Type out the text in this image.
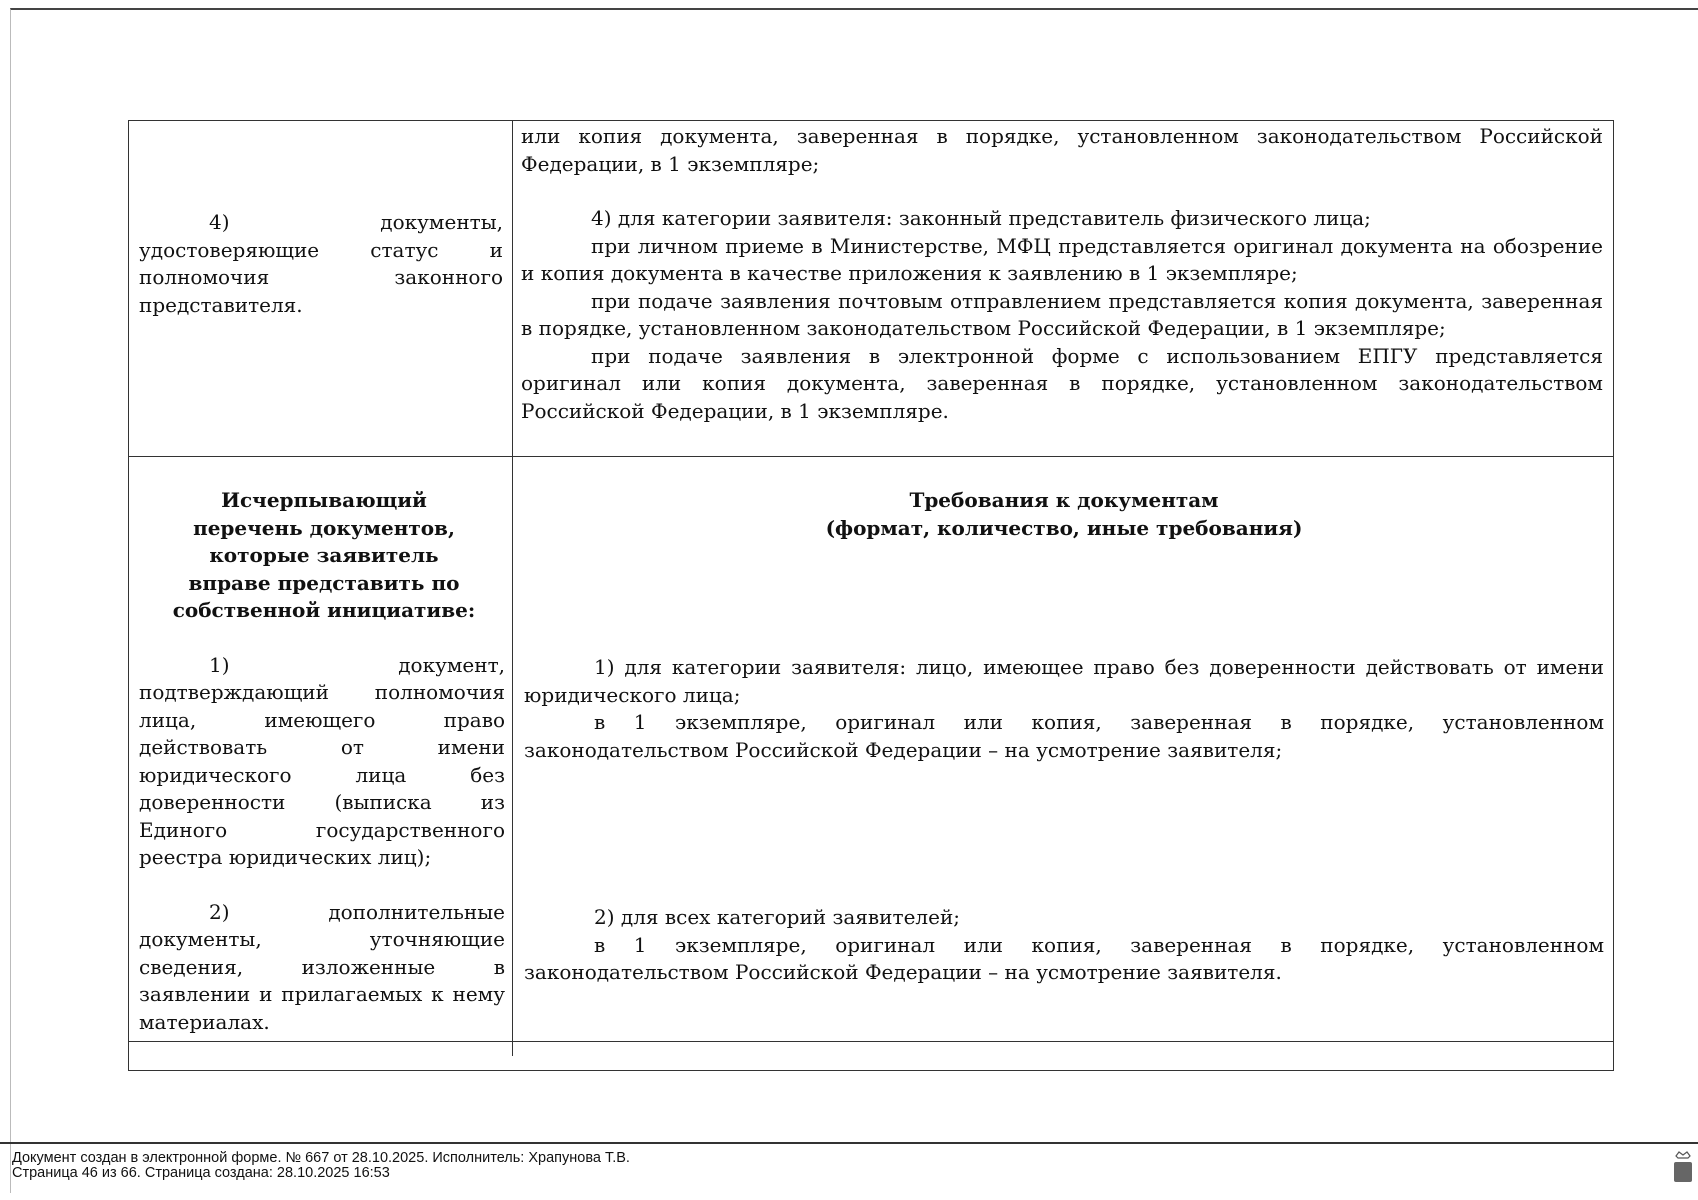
4) документы, удостоверяющие статус и полномочия законного представителя.

или копия документа, заверенная в порядке, установленном законодательством Российской Федерации, в 1 экземпляре;

4) для категории заявителя: законный представитель физического лица;

при личном приеме в Министерстве, МФЦ представляется оригинал документа на обозрение и копия документа в качестве приложения к заявлению в 1 экземпляре;

при подаче заявления почтовым отправлением представляется копия документа, заверенная в порядке, установленном законодательством Российской Федерации, в 1 экземпляре;

при подаче заявления в электронной форме с использованием ЕПГУ представляется оригинал или копия документа, заверенная в порядке, установленном законодательством Российской Федерации, в 1 экземпляре.

Исчерпывающий перечень документов, которые заявитель вправе представить по собственной инициативе:

1) документ, подтверждающий полномочия лица, имеющего право действовать от имени юридического лица без доверенности (выписка из Единого государственного реестра юридических лиц);

2) дополнительные документы, уточняющие сведения, изложенные в заявлении и прилагаемых к нему материалах.

Требования к документам

(формат, количество, иные требования)

1) для категории заявителя: лицо, имеющее право без доверенности действовать от имени юридического лица;

в 1 экземпляре, оригинал или копия, заверенная в порядке, установленном законодательством Российской Федерации – на усмотрение заявителя;

2) для всех категорий заявителей;

в 1 экземпляре, оригинал или копия, заверенная в порядке, установленном законодательством Российской Федерации – на усмотрение заявителя.

Документ создан в электронной форме. № 667 от 28.10.2025. Исполнитель: Храпунова Т.В.
Страница 46 из 66. Страница создана: 28.10.2025 16:53
